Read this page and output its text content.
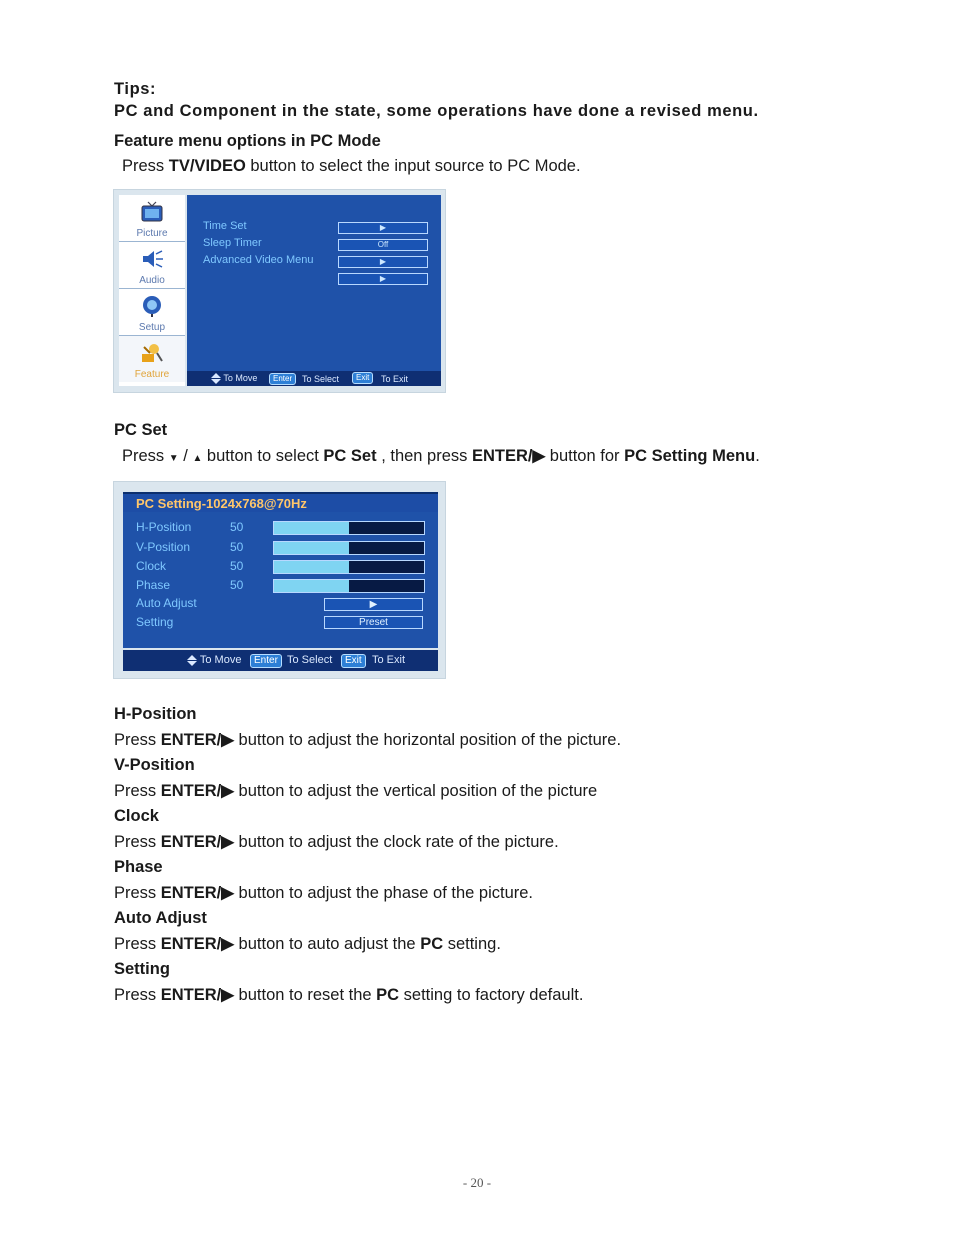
Tips:
PC and Component in the state, some operations have done a revised menu.
Feature menu options in PC Mode
Press TV/VIDEO button to select the input source to PC Mode.
Picture
Audio
Setup
Feature
Time Set	▶
Sleep Timer	Off
Advanced Video Menu	▶
▶
To Move	Enter	To Select	Exit	To Exit
PC Set
Press ▼ / ▲ button to select PC Set , then press ENTER/▶ button for PC Setting Menu.
PC Setting-1024x768@70Hz
H-Position	50
V-Position	50
Clock	50
Phase	50
Auto Adjust	▶
Setting	Preset
To Move	Enter To Select	Exit To Exit
H-Position
Press ENTER/▶ button to adjust the horizontal position of the picture.
V-Position
Press ENTER/▶ button to adjust the vertical position of the picture
Clock
Press ENTER/▶ button to adjust the clock rate of the picture.
Phase
Press ENTER/▶ button to adjust the phase of the picture.
Auto Adjust
Press ENTER/▶ button to auto adjust the PC setting.
Setting
Press ENTER/▶ button to reset the PC setting to factory default.
- 20 -
